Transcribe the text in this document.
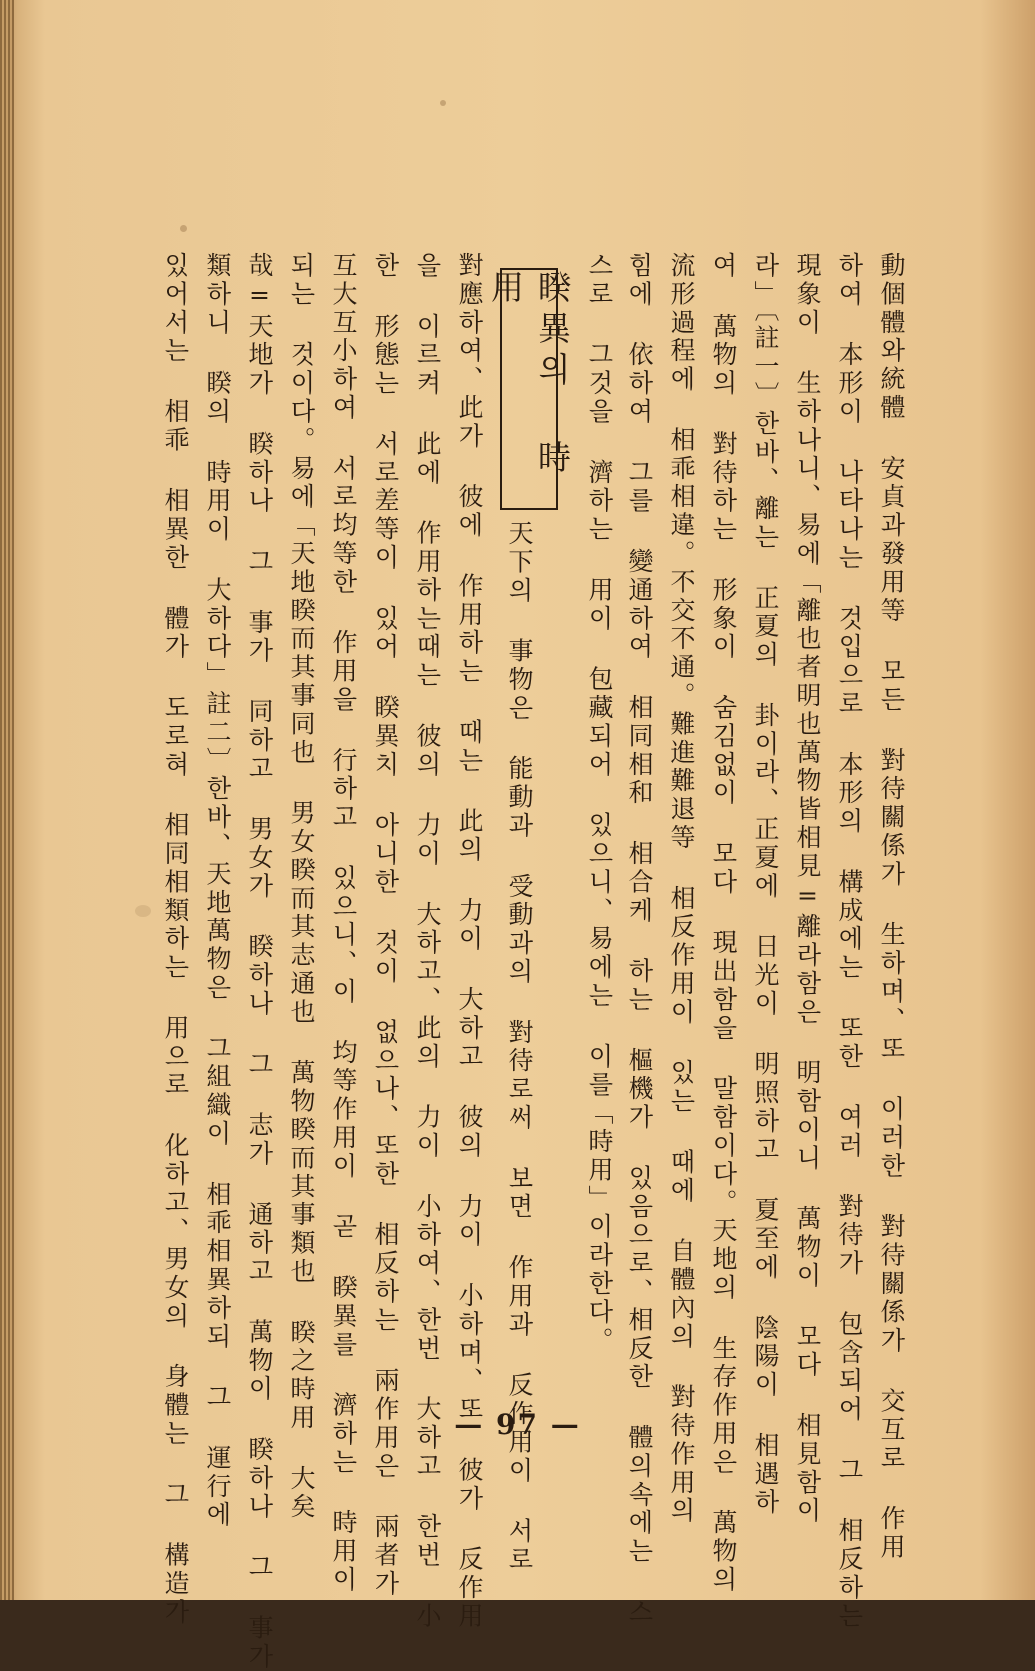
動個體와統體 安貞과發用等 모든 對待關係가 生하며、또 이러한 對待關係가 交互로 作用
하여 本形이 나타나는 것입으로 本形의 構成에는 또한 여러 對待가 包含되어 그 相反하는
現象이 生하나니、易에「離也者明也萬物皆相見=離라함은 明함이니 萬物이 모다 相見함이
라」〔註一〕한바、離는 正夏의 卦이라、正夏에 日光이 明照하고 夏至에 陰陽이 相遇하
여 萬物의 對待하는 形象이 숨김없이 모다 現出함을 말함이다。天地의 生存作用은 萬物의
流形過程에 相乖相違。不交不通。難進難退等 相反作用이 있는 때에 自體內의 對待作用의
힘에 依하여 그를 變通하여 相同相和 相合케 하는 樞機가 있음으로、相反한 體의속에는 스
스로 그것을 濟하는 用이 包藏되어 있으니、易에는 이를「時用」이라한다。
睽異의 時用
天下의 事物은 能動과 受動과의 對待로써 보면 作用과 反作用이 서로
對應하여、此가 彼에 作用하는 때는 此의 力이 大하고 彼의 力이 小하며、또 彼가 反作用
을 이르켜 此에 作用하는때는 彼의 力이 大하고、此의 力이 小하여、한번 大하고 한번 小
한 形態는 서로差等이 있어 睽異치 아니한 것이 없으나、또한 相反하는 兩作用은 兩者가
互大互小하여 서로均等한 作用을 行하고 있으니、이 均等作用이 곧 睽異를 濟하는 時用이
되는 것이다。易에「天地睽而其事同也 男女睽而其志通也 萬物睽而其事類也 睽之時用 大矣
哉=天地가 睽하나 그 事가 同하고 男女가 睽하나 그 志가 通하고 萬物이 睽하나 그 事가
類하니 睽의 時用이 大하다」註二〕한바、天地萬物은 그組織이 相乖相異하되 그 運行에
있어서는 相乖 相異한 體가 도로혀 相同相類하는 用으로 化하고、男女의 身體는 그 構造가	— 97 —
